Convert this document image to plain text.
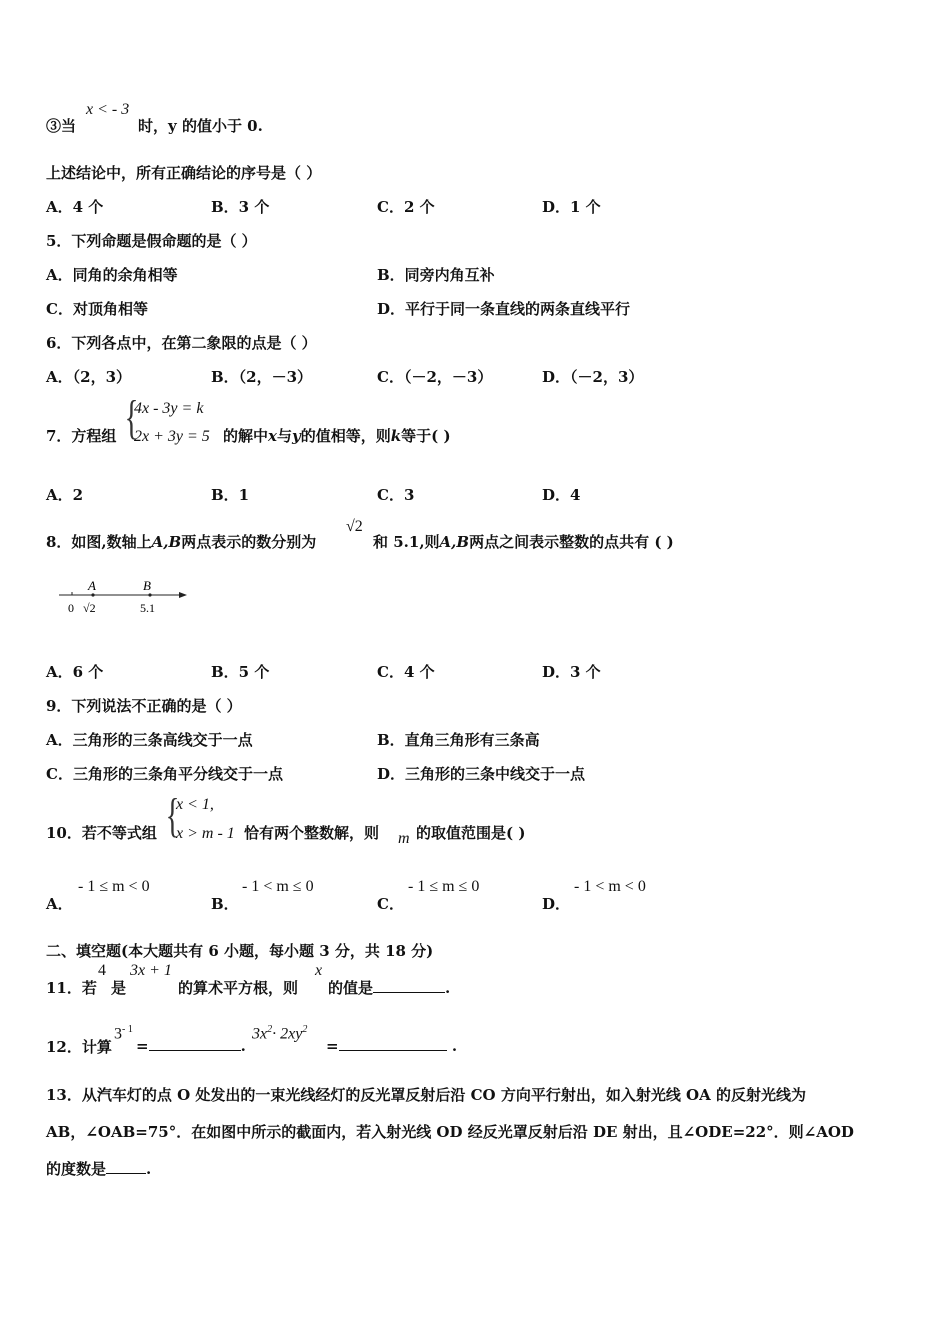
③当
x < - 3
时，y 的值小于 0.
上述结论中，所有正确结论的序号是（ ）
A．4 个	B．3 个	C．2 个	D．1 个
5．下列命题是假命题的是（ ）
A．同角的余角相等	B．同旁内角互补
C．对顶角相等	D．平行于同一条直线的两条直线平行
6．下列各点中，在第二象限的点是（ ）
A．（2，3）	B．（2，－3）	C．（－2，－3）	D．（－2，3）
7．方程组 {
4x - 3y = k
2x + 3y = 5 的解中x与y的值相等，则k等于( )
A．2	B．1	C．3	D．4
8．如图,数轴上A,B两点表示的数分别为
√2
和 5.1,则A,B两点之间表示整数的点共有 ( )
A	B
0 √2	5.1
A．6 个	B．5 个	C．4 个	D．3 个
9．下列说法不正确的是（ ）
A．三角形的三条高线交于一点	B．直角三角形有三条高
C．三角形的三条角平分线交于一点	D．三角形的三条中线交于一点
10．若不等式组 {
x < 1,
x > m - 1 恰有两个整数解，则 m 的取值范围是( )
A．
- 1 ≤ m < 0
B．
- 1 < m ≤ 0
C．
- 1 ≤ m ≤ 0
D．
- 1 < m < 0
二、填空题(本大题共有 6 小题，每小题 3 分，共 18 分)
11．若
4
是
3x + 1
的算术平方根，则
x
的值是	.
12．计算
$3^{- 1}$
=	.
$3x^2\cdot 2xy^2$
=	.
13．从汽车灯的点 O 处发出的一束光线经灯的反光罩反射后沿 CO 方向平行射出，如入射光线 OA 的反射光线为
AB，∠OAB=75°．在如图中所示的截面内，若入射光线 OD 经反光罩反射后沿 DE 射出，且∠ODE=22°．则∠AOD
的度数是	.
